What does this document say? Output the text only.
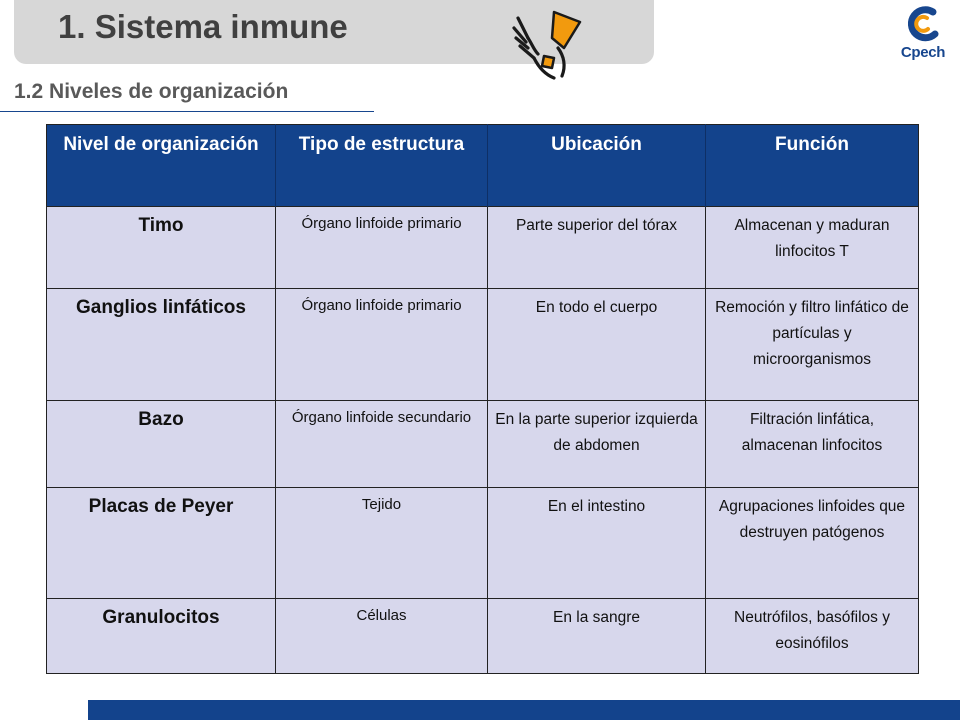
1. Sistema inmune
Cpech
1.2 Niveles de organización
Nivel de organización	Tipo de estructura	Ubicación	Función
Timo	Órgano linfoide primario	Parte superior del tórax	Almacenan y maduran linfocitos T
Ganglios linfáticos	Órgano linfoide primario	En todo el cuerpo	Remoción y filtro linfático de partículas y microorganismos
Bazo	Órgano linfoide secundario	En la parte superior izquierda de abdomen	Filtración linfática, almacenan linfocitos
Placas de Peyer	Tejido	En el intestino	Agrupaciones linfoides que destruyen patógenos
Granulocitos	Células	En la sangre	Neutrófilos, basófilos y eosinófilos
